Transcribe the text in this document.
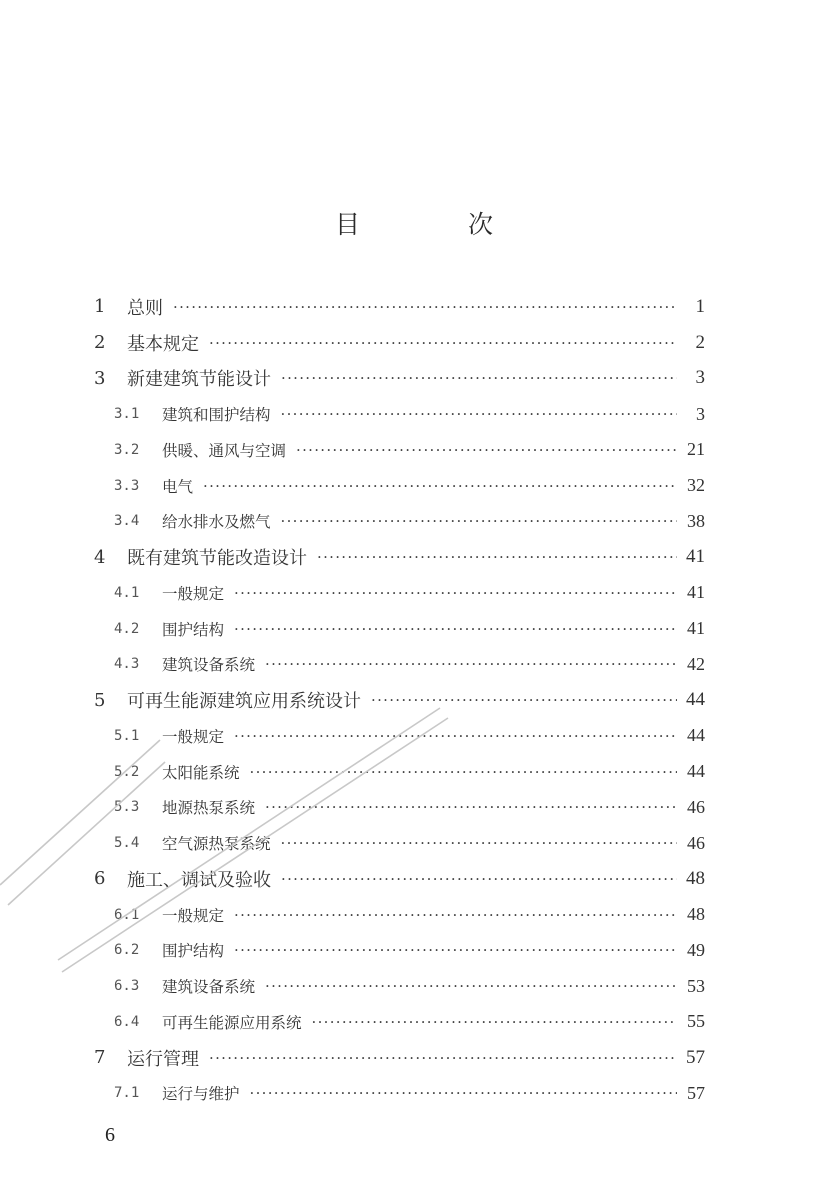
目 次
1	总则 ·····	1
2	基本规定 ·····	2
3	新建建筑节能设计 ·····	3
3.1	建筑和围护结构 ·····	3
3.2	供暖、通风与空调 ·····	21
3.3	电气 ·····	32
3.4	给水排水及燃气 ·····	38
4	既有建筑节能改造设计 ·····	41
4.1	一般规定 ·····	41
4.2	围护结构 ·····	41
4.3	建筑设备系统 ·····	42
5	可再生能源建筑应用系统设计 ·····	44
5.1	一般规定 ·····	44
5.2	太阳能系统 ·····	44
5.3	地源热泵系统 ·····	46
5.4	空气源热泵系统 ·····	46
6	施工、调试及验收 ·····	48
6.1	一般规定 ·····	48
6.2	围护结构 ·····	49
6.3	建筑设备系统 ·····	53
6.4	可再生能源应用系统 ·····	55
7	运行管理 ·····	57
7.1	运行与维护 ·····	57
6
